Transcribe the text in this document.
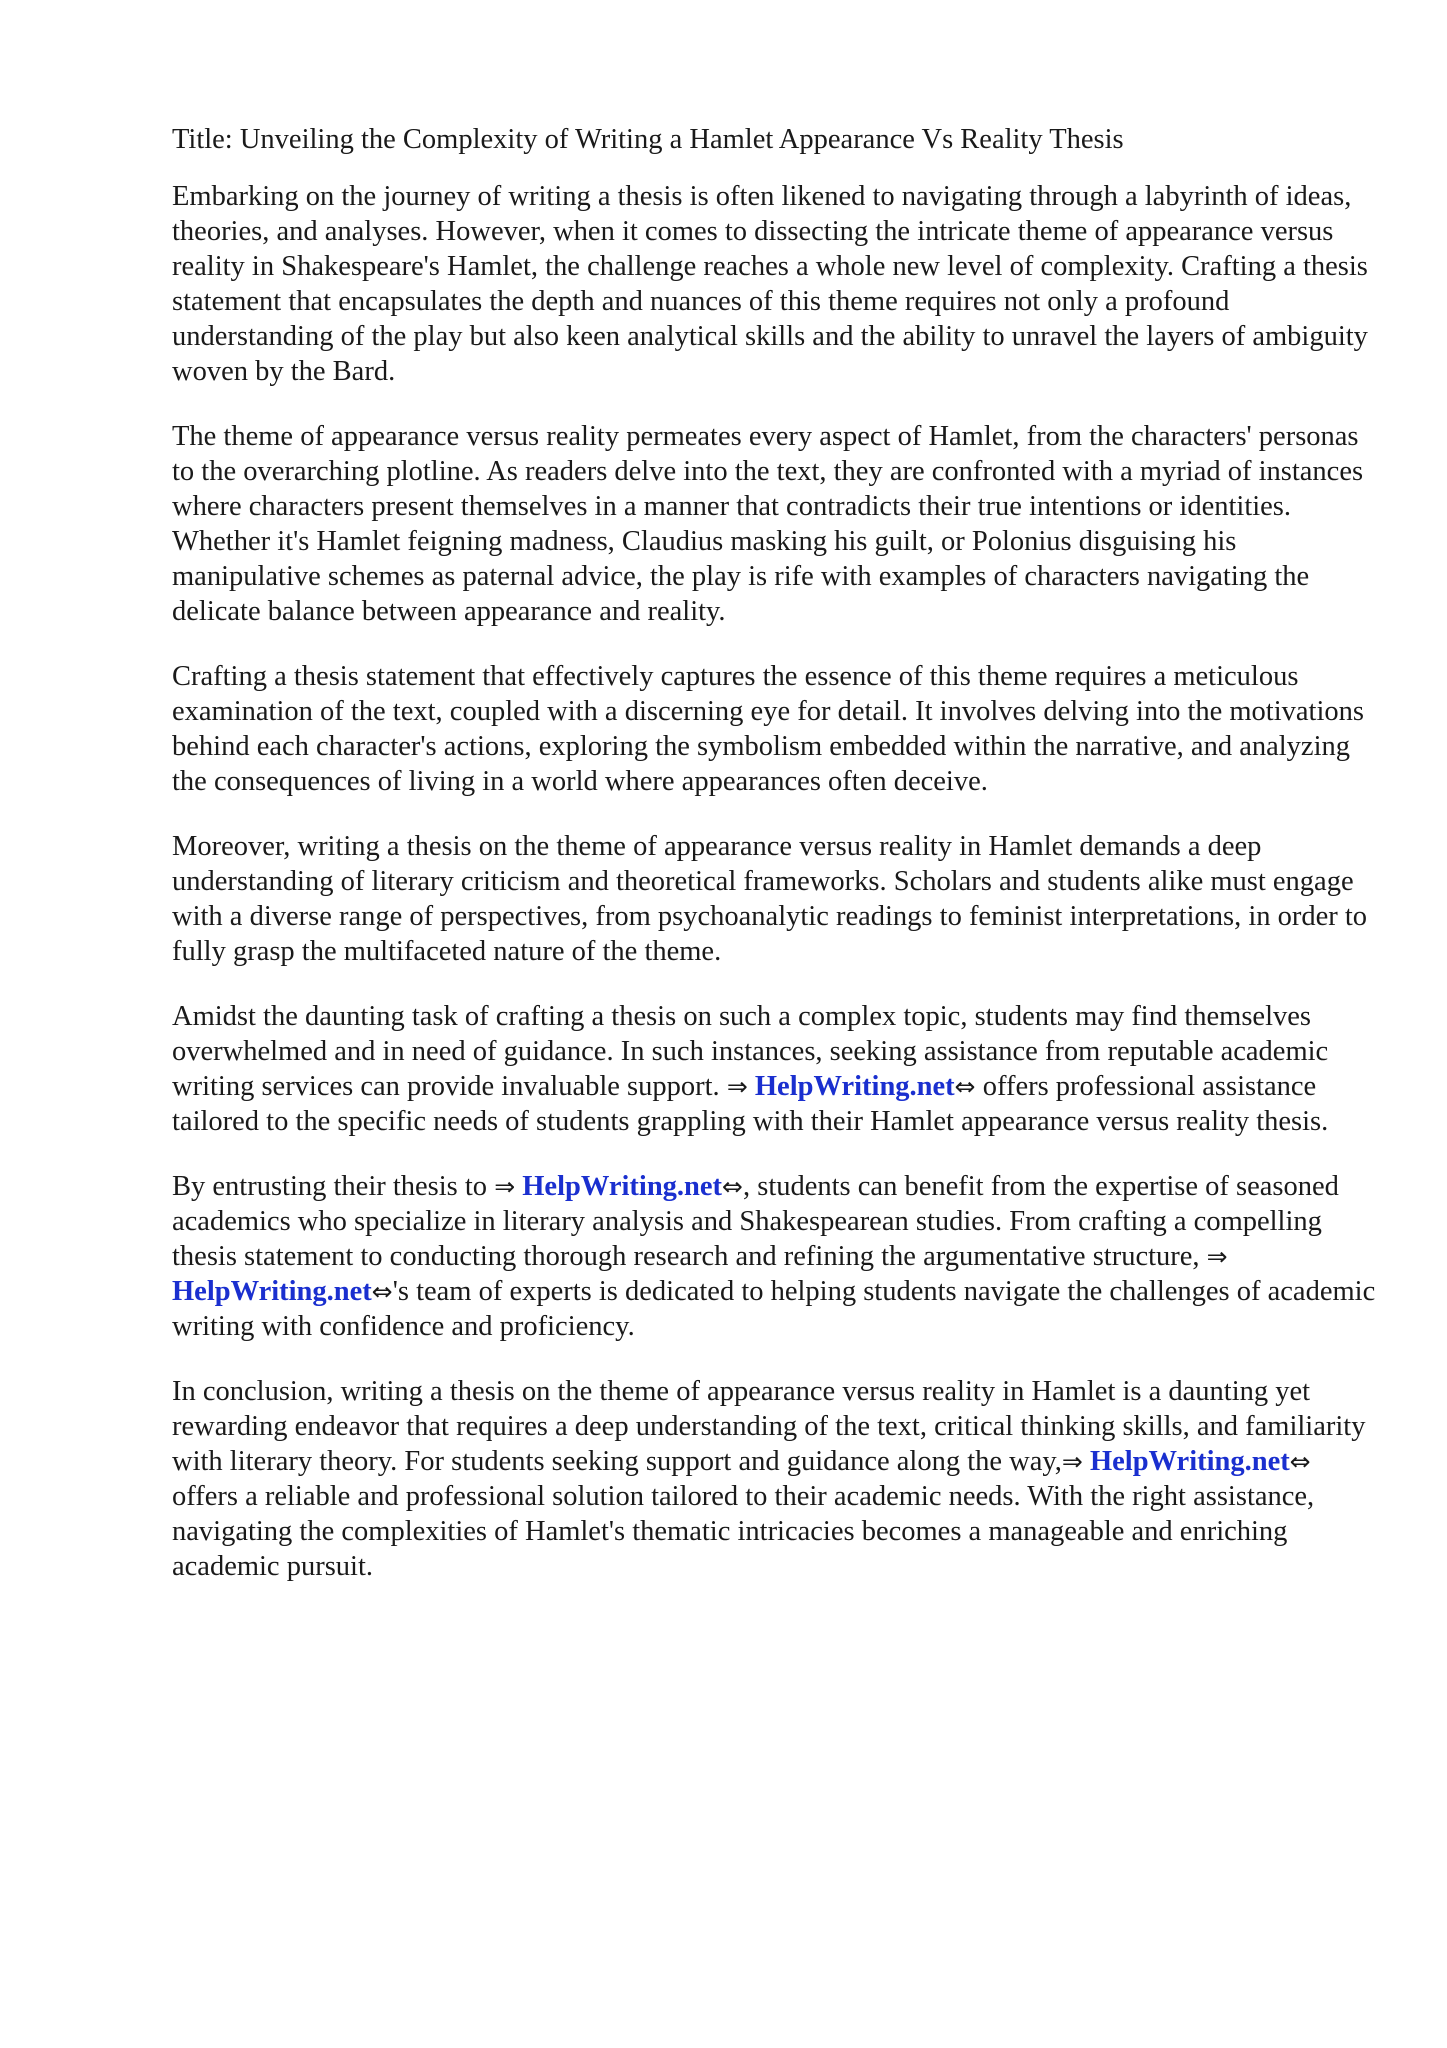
Title: Unveiling the Complexity of Writing a Hamlet Appearance Vs Reality Thesis

Embarking on the journey of writing a thesis is often likened to navigating through a labyrinth of ideas, theories, and analyses. However, when it comes to dissecting the intricate theme of appearance versus reality in Shakespeare's Hamlet, the challenge reaches a whole new level of complexity. Crafting a thesis statement that encapsulates the depth and nuances of this theme requires not only a profound understanding of the play but also keen analytical skills and the ability to unravel the layers of ambiguity woven by the Bard.

The theme of appearance versus reality permeates every aspect of Hamlet, from the characters' personas to the overarching plotline. As readers delve into the text, they are confronted with a myriad of instances where characters present themselves in a manner that contradicts their true intentions or identities. Whether it's Hamlet feigning madness, Claudius masking his guilt, or Polonius disguising his manipulative schemes as paternal advice, the play is rife with examples of characters navigating the delicate balance between appearance and reality.

Crafting a thesis statement that effectively captures the essence of this theme requires a meticulous examination of the text, coupled with a discerning eye for detail. It involves delving into the motivations behind each character's actions, exploring the symbolism embedded within the narrative, and analyzing the consequences of living in a world where appearances often deceive.

Moreover, writing a thesis on the theme of appearance versus reality in Hamlet demands a deep understanding of literary criticism and theoretical frameworks. Scholars and students alike must engage with a diverse range of perspectives, from psychoanalytic readings to feminist interpretations, in order to fully grasp the multifaceted nature of the theme.

Amidst the daunting task of crafting a thesis on such a complex topic, students may find themselves overwhelmed and in need of guidance. In such instances, seeking assistance from reputable academic writing services can provide invaluable support. ⇒ HelpWriting.net⇔ offers professional assistance tailored to the specific needs of students grappling with their Hamlet appearance versus reality thesis.

By entrusting their thesis to ⇒ HelpWriting.net⇔, students can benefit from the expertise of seasoned academics who specialize in literary analysis and Shakespearean studies. From crafting a compelling thesis statement to conducting thorough research and refining the argumentative structure, ⇒ HelpWriting.net⇔'s team of experts is dedicated to helping students navigate the challenges of academic writing with confidence and proficiency.

In conclusion, writing a thesis on the theme of appearance versus reality in Hamlet is a daunting yet rewarding endeavor that requires a deep understanding of the text, critical thinking skills, and familiarity with literary theory. For students seeking support and guidance along the way,⇒ HelpWriting.net⇔ offers a reliable and professional solution tailored to their academic needs. With the right assistance, navigating the complexities of Hamlet's thematic intricacies becomes a manageable and enriching academic pursuit.
